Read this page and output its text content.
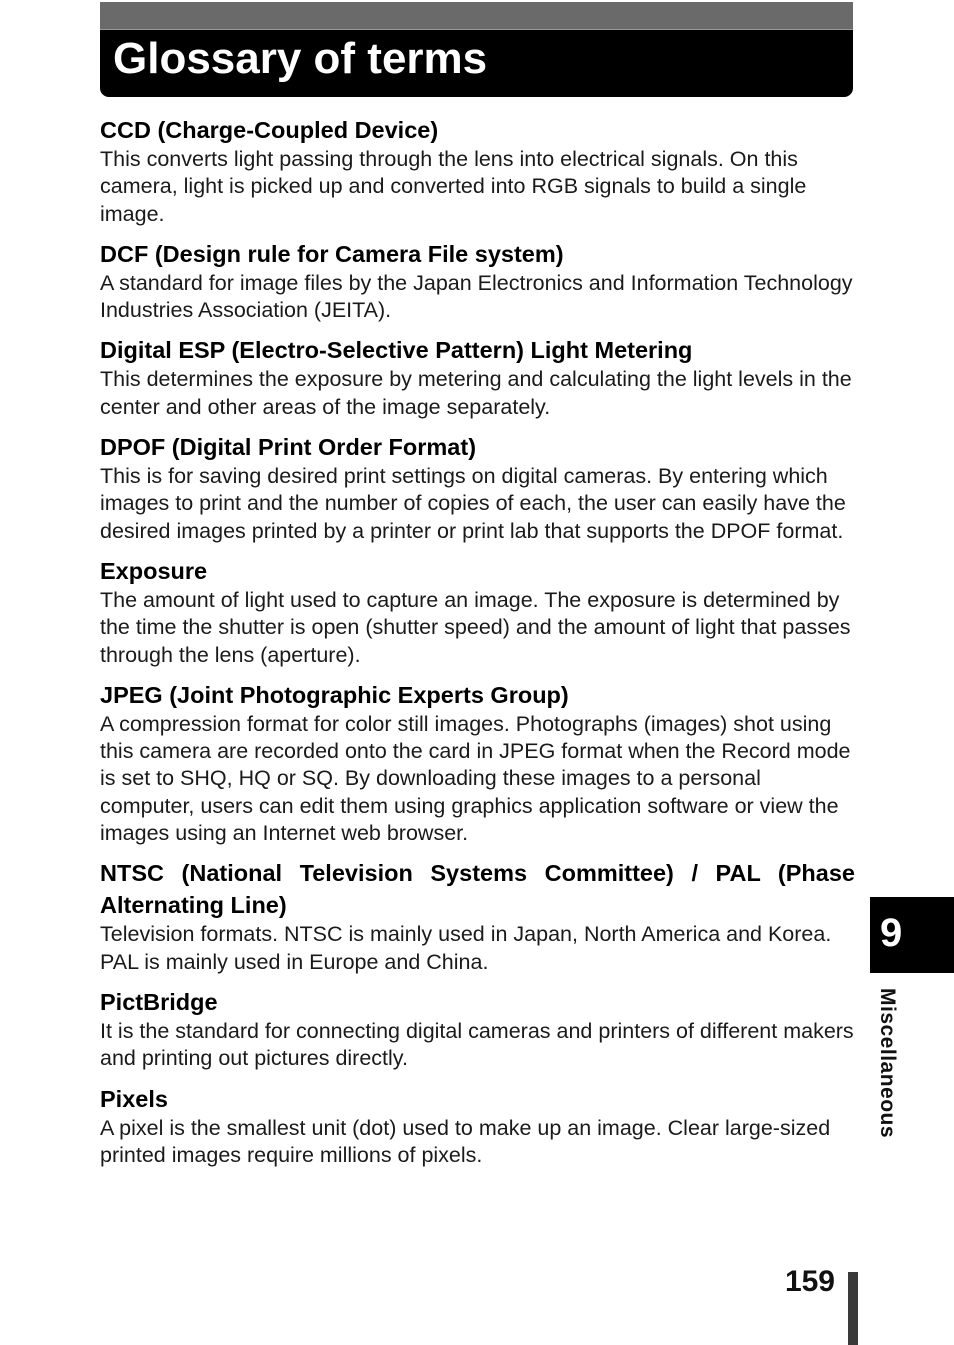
Glossary of terms
CCD (Charge-Coupled Device)

This converts light passing through the lens into electrical signals. On this camera, light is picked up and converted into RGB signals to build a single image.

DCF (Design rule for Camera File system)

A standard for image files by the Japan Electronics and Information Technology Industries Association (JEITA).

Digital ESP (Electro-Selective Pattern) Light Metering

This determines the exposure by metering and calculating the light levels in the center and other areas of the image separately.

DPOF (Digital Print Order Format)

This is for saving desired print settings on digital cameras. By entering which images to print and the number of copies of each, the user can easily have the desired images printed by a printer or print lab that supports the DPOF format.

Exposure

The amount of light used to capture an image. The exposure is determined by the time the shutter is open (shutter speed) and the amount of light that passes through the lens (aperture).

JPEG (Joint Photographic Experts Group)

A compression format for color still images. Photographs (images) shot using this camera are recorded onto the card in JPEG format when the Record mode is set to SHQ, HQ or SQ. By downloading these images to a personal computer, users can edit them using graphics application software or view the images using an Internet web browser.

NTSC (National Television Systems Committee) / PAL (Phase Alternating Line)

Television formats. NTSC is mainly used in Japan, North America and Korea. PAL is mainly used in Europe and China.

PictBridge

It is the standard for connecting digital cameras and printers of different makers and printing out pictures directly.

Pixels

A pixel is the smallest unit (dot) used to make up an image. Clear large-sized printed images require millions of pixels.

9
Miscellaneous
159
